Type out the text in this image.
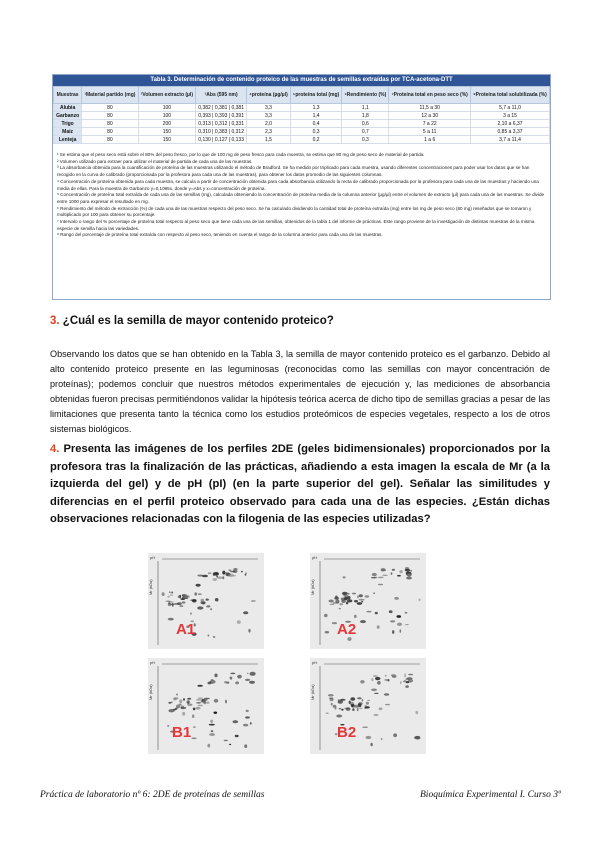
Tabla 3. Determinación de contenido proteico de las muestras de semillas extraídas por TCA-acetona-DTT
Muestras	¹Material partido (mg)	²Volumen extracto (µl)	³Abs (595 nm)	⁴proteína (µg/µl)	⁵proteína total (mg)	⁶Rendimiento (%)	⁷Proteína total en peso seco (%)	⁸Proteína total solubilizada (%)
Alubia	80	100	0,382 | 0,381 | 0,381	3,3	1,3	1,1	11,5 a 30	5,7 a 11,0
Garbanzo	80	100	0,393 | 0,393 | 0,391	3,3	1,4	1,8	12 a 30	3 a 15
Trigo	80	200	0,313 | 0,312 | 0,331	2,0	0,4	0,6	7 a 22	2,10 a 6,37
Maíz	80	150	0,310 | 0,383 | 0,312	2,3	0,3	0,7	5 a 11	0,85 a 3,37
Lenteja	80	150	0,130 | 0,127 | 0,133	1,5	0,2	0,3	1 a 6	3,7 a 11,4

¹ Se estima que el peso seco está sobre el 80% del peso fresco, por lo que de 100 mg de peso fresco para cada muestra, se estima que 80 mg de peso seco de material de partida.

² Volumen utilizado para extraer para utilizar el material de partida de cada una de las muestras.

³ La absorbancia obtenida para la cuantificación de proteína de las muestras utilizando el método de Bradford. Se ha medido por triplicado para cada muestra, usando diferentes concentraciones para poder usar los datos que se han recogido en la curva de calibrado (proporcionada por la profesora para cada una de las muestras), para obtener los datos promedio de las siguientes columnas.

⁴ Concentración de proteína obtenida para cada muestra, se calcula a partir de concentración obtenida para cada absorbancia utilizando la recta de calibrado proporcionada por la profesora para cada una de las muestras y haciendo una media de ellas. Para la muestra de Garbanzo y=0,1065x, donde y=Abs y x=concentración de proteína.

⁵ Concentración de proteína total extraída de cada una de las semillas (mg), calculada obteniendo la concentración de proteína media de la columna anterior (µg/µl) entre el volumen de extracto (µl) para cada una de las muestras. Se divide entre 1000 para expresar el resultado en mg.

⁶ Rendimiento del método de extracción (%) de cada una de las muestras respecto del peso seco. Se ha calculado dividiendo la cantidad total de proteína extraída (mg) entre los mg de peso seco (80 mg) reseñados que se tomaron y multiplicado por 100 para obtener su porcentaje.

⁷ Intervalo o rango del % porcentaje de proteína total respecto al peso seco que tiene cada una de las semillas, obtenidos de la tabla 1 del informe de prácticas. Este rango proviene de la investigación de distintas muestras de la misma especie de semilla hacia las variedades.

⁸ Rango del porcentaje de proteína total extraída con respecto al peso seco, teniendo en cuenta el rango de la columna anterior para cada una de las muestras.

3. ¿Cuál es la semilla de mayor contenido proteico?
Observando los datos que se han obtenido en la Tabla 3, la semilla de mayor contenido proteico es el garbanzo. Debido al alto contenido proteico presente en las leguminosas (reconocidas como las semillas con mayor concentración de proteínas); podemos concluir que nuestros métodos experimentales de ejecución y, las mediciones de absorbancia obtenidas fueron precisas permitiéndonos validar la hipótesis teórica acerca de dicho tipo de semillas gracias a pesar de las limitaciones que presenta tanto la técnica como los estudios proteómicos de especies vegetales, respecto a los de otros sistemas biológicos.
4. Presenta las imágenes de los perfiles 2DE (geles bidimensionales) proporcionados por la profesora tras la finalización de las prácticas, añadiendo a esta imagen la escala de Mr (a la izquierda del gel) y de pH (pI) (en la parte superior del gel). Señalar las similitudes y diferencias en el perfil proteico observado para cada una de las especies. ¿Están dichas observaciones relacionadas con la filogenia de las especies utilizadas?
pH	pH
pH	pH
Mr (kDa)	Mr (kDa)
Mr (kDa)	Mr (kDa)
A1	A2
B1	B2
Práctica de laboratorio nº 6: 2DE de proteínas de semillas	Bioquímica Experimental I. Curso 3º
